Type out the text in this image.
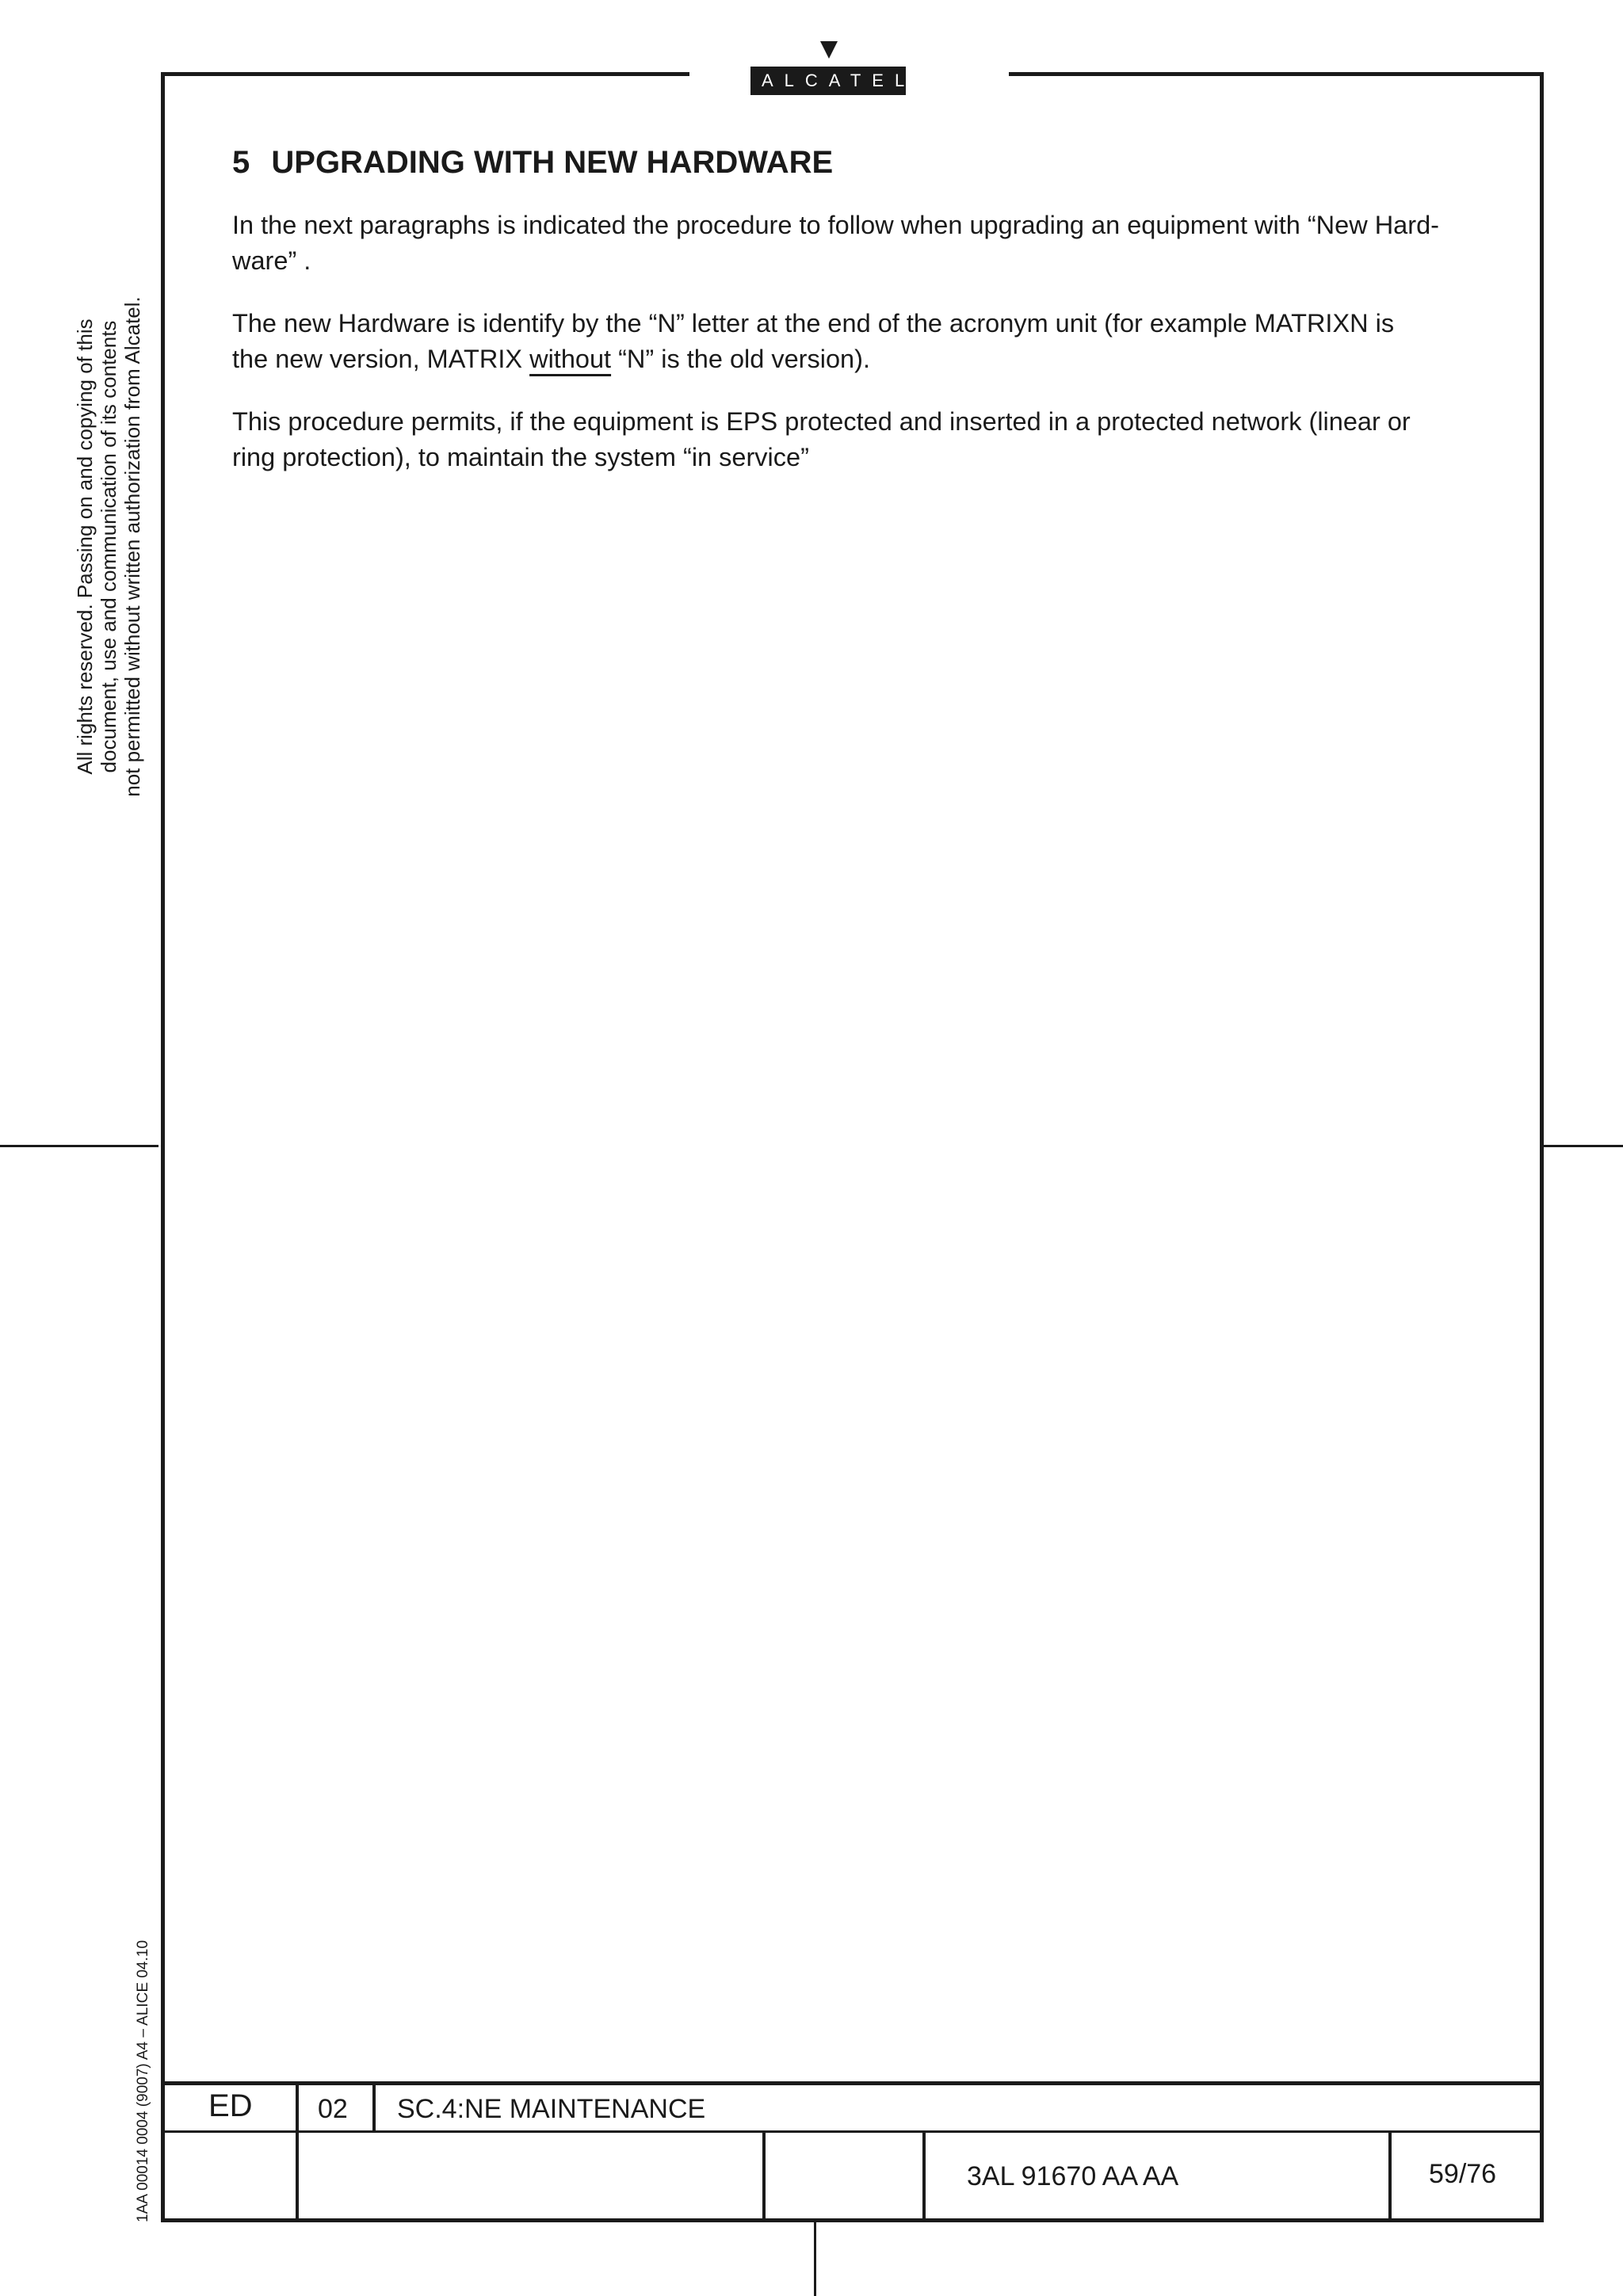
ALCATEL
All rights reserved. Passing on and copying of this document, use and communication of its contents not permitted without written authorization from Alcatel.
1AA 00014 0004 (9007) A4 – ALICE 04.10
5 UPGRADING WITH NEW HARDWARE

In the next paragraphs is indicated the procedure to follow when upgrading an equipment with “New Hard-
ware” .

The new Hardware is identify by the “N” letter at the end of the acronym unit (for example MATRIXN is
the new version, MATRIX without “N” is the old version).

This procedure permits, if the equipment is EPS protected and inserted in a protected network (linear or
ring protection), to maintain the system “in service”

ED 02 SC.4:NE MAINTENANCE
3AL 91670 AA AA	59/76
